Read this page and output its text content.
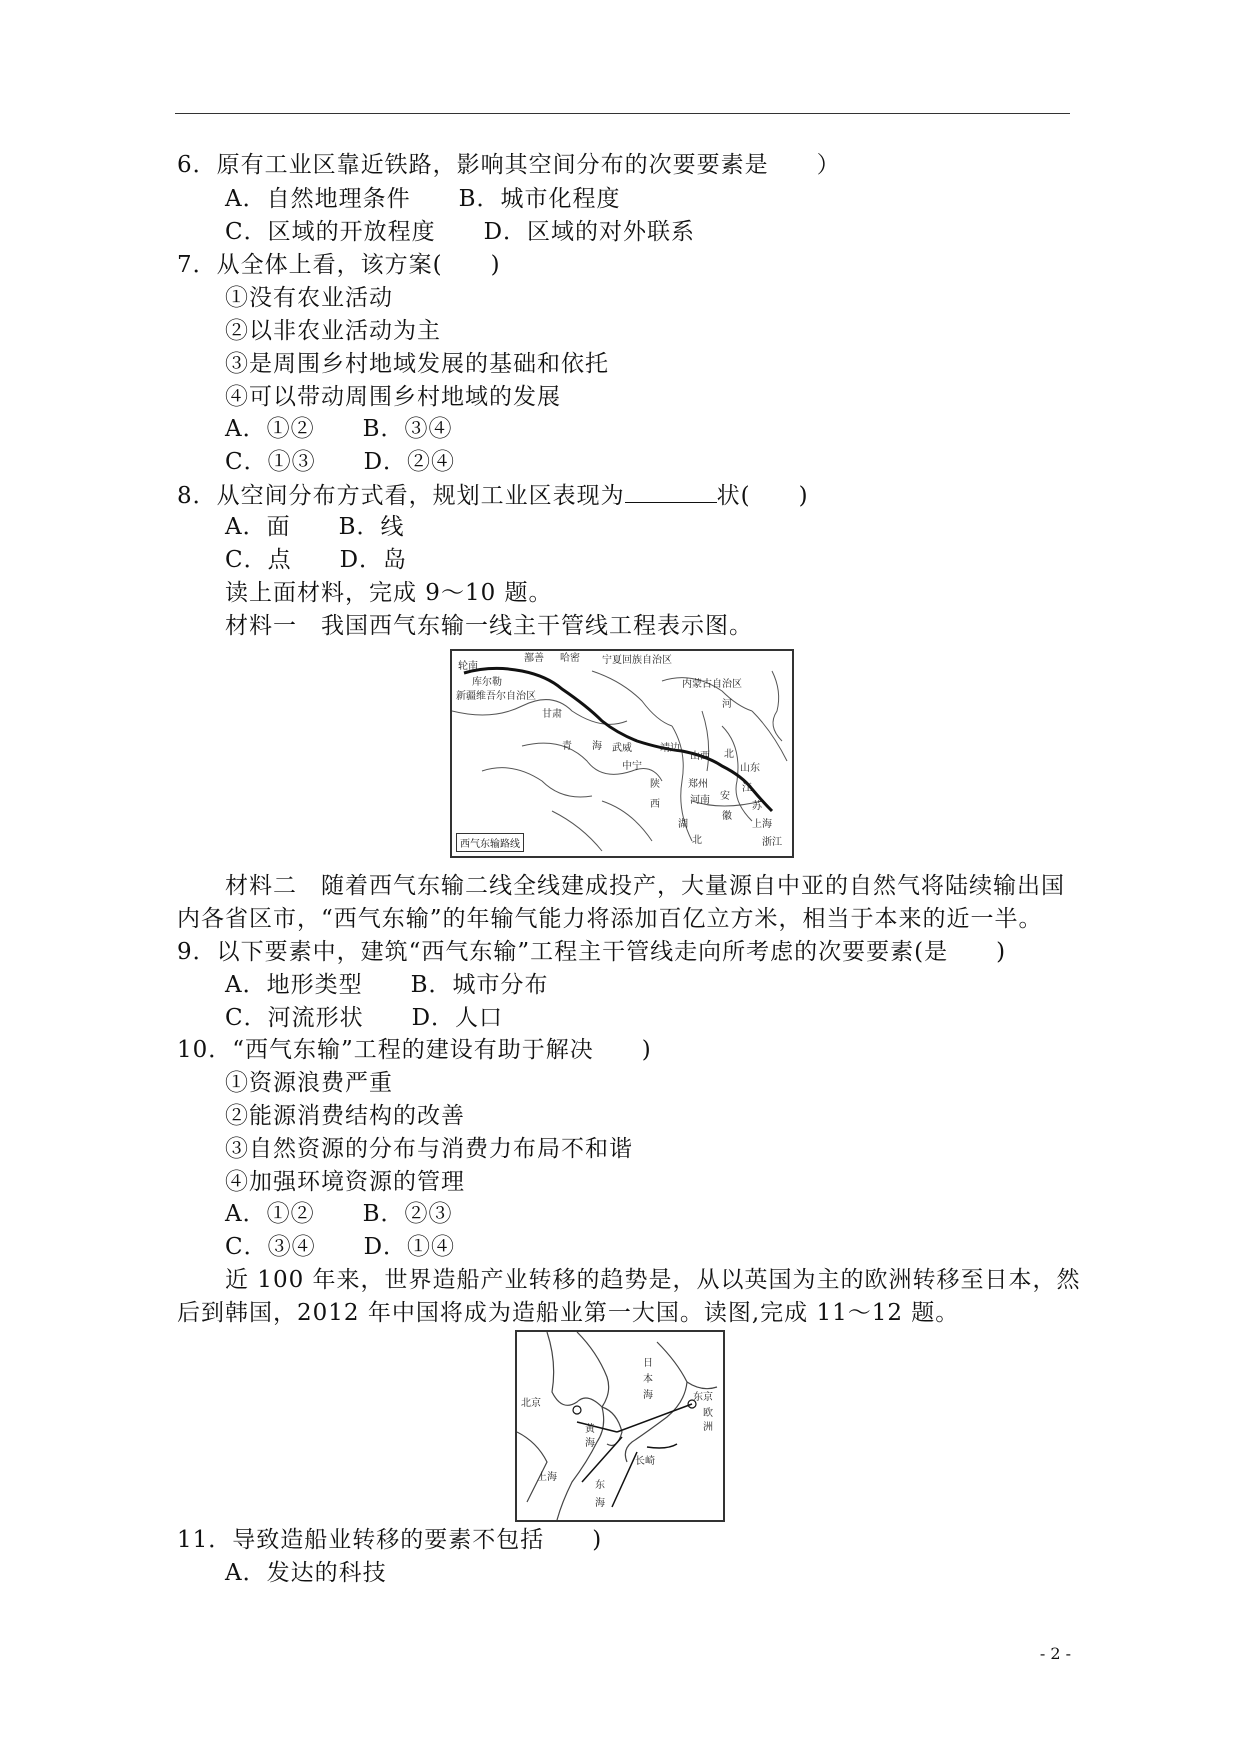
6．原有工业区靠近铁路，影响其空间分布的次要要素是　　）
A．自然地理条件　　B．城市化程度
C．区域的开放程度　　D．区域的对外联系
7．从全体上看，该方案(　　)
①没有农业活动
②以非农业活动为主
③是周围乡村地域发展的基础和依托
④可以带动周围乡村地域的发展
A．①②　　B．③④
C．①③　　D．②④
8．从空间分布方式看，规划工业区表现为	状(　　)
A．面　　B．线
C．点　　D．岛
读上面材料，完成 9～10 题。
材料一　我国西气东输一线主干管线工程表示图。
轮南
鄯善 哈密 宁夏回族自治区
库尔勒	内蒙古自治区
新疆维吾尔自治区
甘肃
河
武威	靖边
山西 北
青 海
中宁	山东
陕	郑州	江
西	河南 安
苏
湖
徽
北
上海
浙江
西气东输路线
材料二　随着西气东输二线全线建成投产，大量源自中亚的自然气将陆续输出国
内各省区市，“西气东输”的年输气能力将添加百亿立方米，相当于本来的近一半。
9．以下要素中，建筑“西气东输”工程主干管线走向所考虑的次要要素(是　　)
A．地形类型　　B．城市分布
C．河流形状　　D．人口
10．“西气东输”工程的建设有助于解决　　)
①资源浪费严重
②能源消费结构的改善
③自然资源的分布与消费力布局不和谐
④加强环境资源的管理
A．①②　　B．②③
C．③④　　D．①④
近 100 年来，世界造船产业转移的趋势是，从以英国为主的欧洲转移至日本，然
后到韩国，2012 年中国将成为造船业第一大国。读图,完成 11～12 题。
日
本
海
北京
东京
欧
洲
黄
海
长崎
上海
东
海
11．导致造船业转移的要素不包括　　)
A．发达的科技
- 2 -
